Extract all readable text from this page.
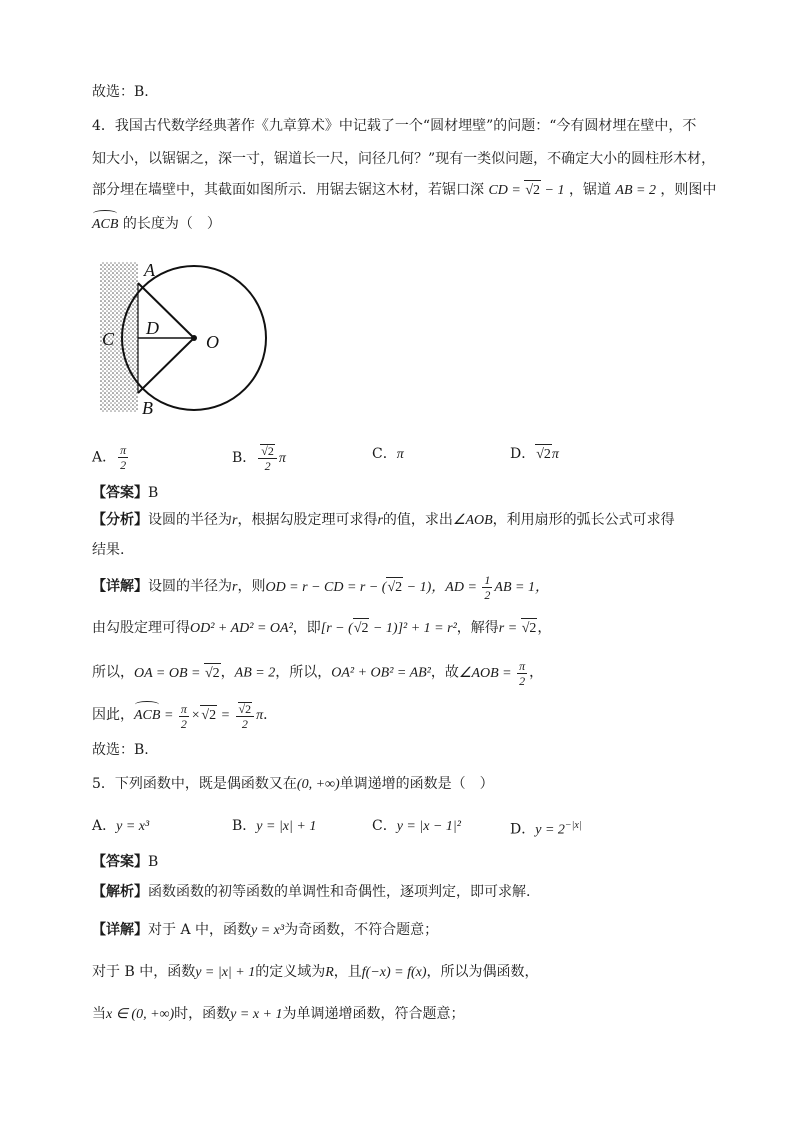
故选：B.
4．我国古代数学经典著作《九章算术》中记载了一个“圆材埋壁”的问题：“今有圆材埋在壁中，不
知大小，以锯锯之，深一寸，锯道长一尺，问径几何？”现有一类似问题，不确定大小的圆柱形木材，
部分埋在墙壁中，其截面如图所示．用锯去锯这木材，若锯口深 CD = √ 2 − 1 ，锯道 AB = 2 ，则图中
ACB 的长度为（　）
A
B
C
D
O
A． $\frac{\pi}{2}$	B． √ $\frac{2}{2}$ π	C．π	D． √ 2π
【答案】B
【分析】设圆的半径为r，根据勾股定理可求得r的值，求出∠AOB，利用扇形的弧长公式可求得
结果.
【详解】设圆的半径为r，则OD = r − CD = r − ( √ 2 − 1)，AD = $\frac{1}{2}$ AB = 1，
由勾股定理可得OD² + AD² = OA²，即[r − ( √ 2 − 1)]² + 1 = r²，解得r = √ 2，
所以，OA = OB = √ 2，AB = 2，所以，OA² + OB² = AB²，故∠AOB = $\frac{\pi}{2}$ ，
因此，ACB = $\frac{\pi}{2}$ × √ 2 = √ $\frac{2}{2}$ π．
故选：B.
5．下列函数中，既是偶函数又在(0, +∞)单调递增的函数是（　）
A．y = x³	B．y = |x| + 1	C．y = |x − 1|²	D．$y = 2^{-|x|}$
【答案】B
【解析】函数函数的初等函数的单调性和奇偶性，逐项判定，即可求解.
【详解】对于 A 中，函数y = x³为奇函数，不符合题意；
对于 B 中，函数y = |x| + 1的定义域为R，且f(−x) = f(x)，所以为偶函数，
当x ∈ (0, +∞)时，函数y = x + 1为单调递增函数，符合题意；
